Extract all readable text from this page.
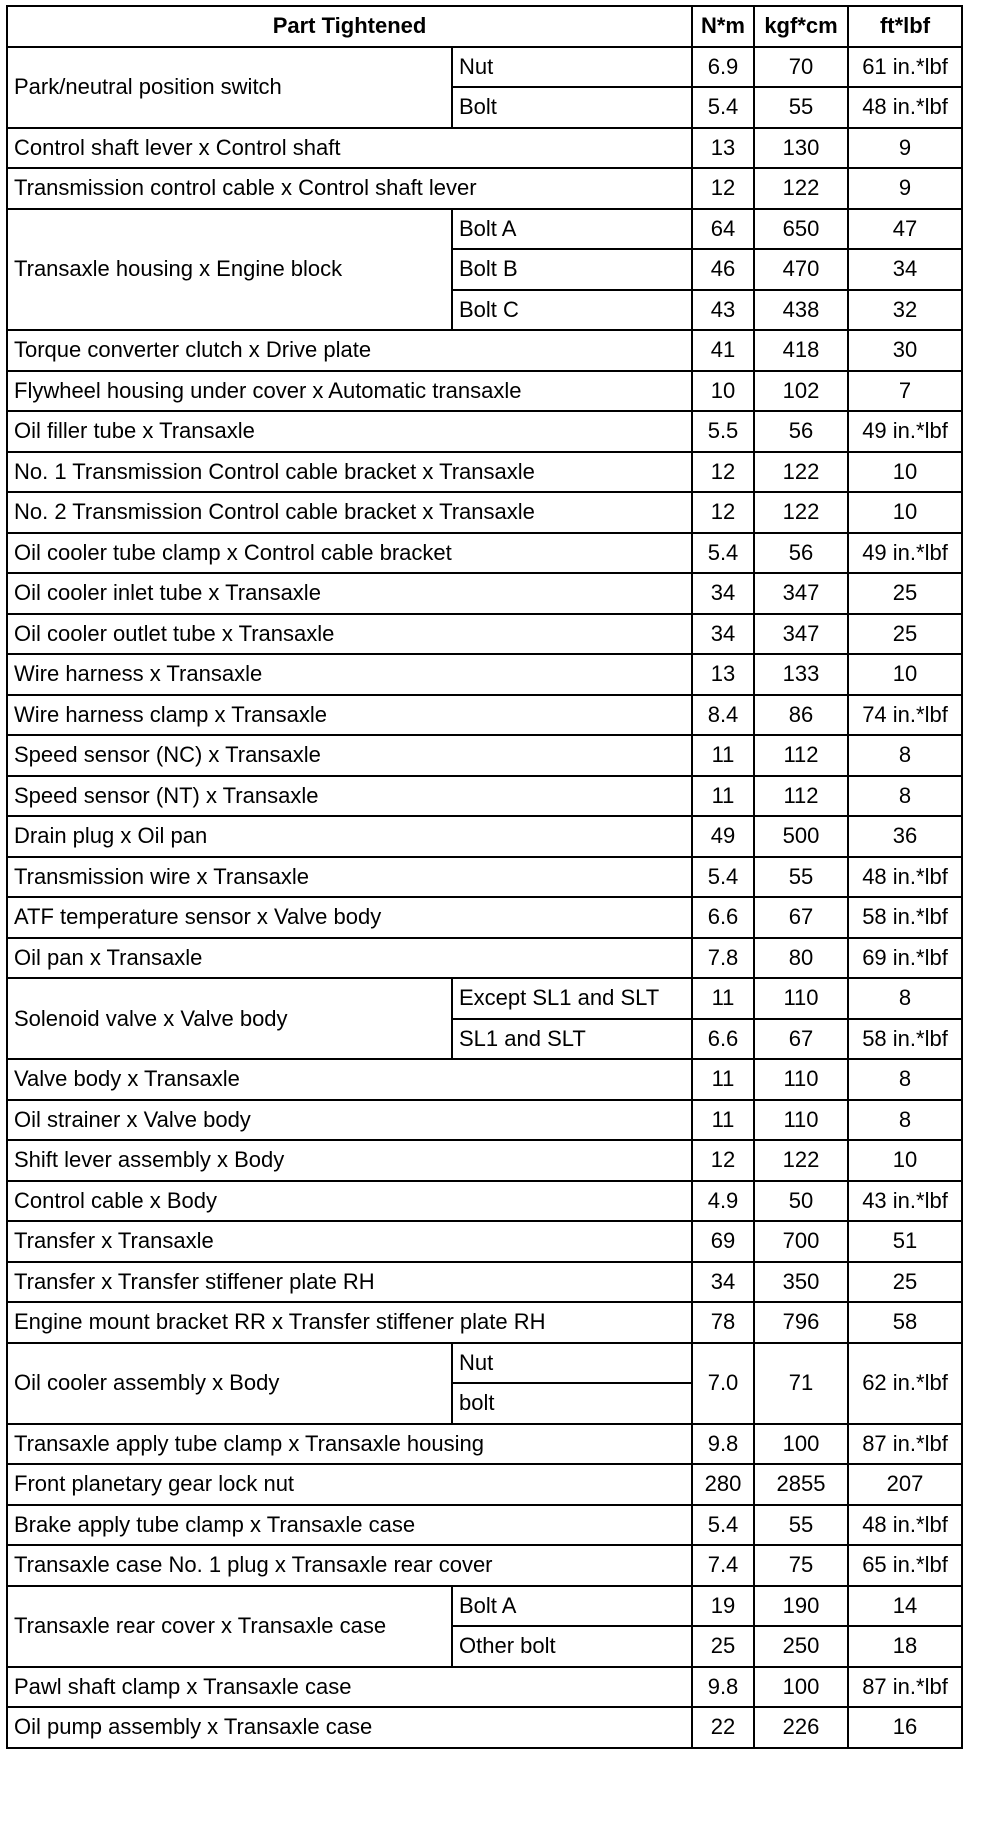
Part Tightened		N*m	kgf*cm	ft*lbf
Park/neutral position switch	Nut	6.9	70	61 in.*lbf
	Bolt	5.4	55	48 in.*lbf
Control shaft lever x Control shaft		13	130	9
Transmission control cable x Control shaft lever		12	122	9
Transaxle housing x Engine block	Bolt A	64	650	47
	Bolt B	46	470	34
	Bolt C	43	438	32
Torque converter clutch x Drive plate		41	418	30
Flywheel housing under cover x Automatic transaxle		10	102	7
Oil filler tube x Transaxle		5.5	56	49 in.*lbf
No. 1 Transmission Control cable bracket x Transaxle		12	122	10
No. 2 Transmission Control cable bracket x Transaxle		12	122	10
Oil cooler tube clamp x Control cable bracket		5.4	56	49 in.*lbf
Oil cooler inlet tube x Transaxle		34	347	25
Oil cooler outlet tube x Transaxle		34	347	25
Wire harness x Transaxle		13	133	10
Wire harness clamp x Transaxle		8.4	86	74 in.*lbf
Speed sensor (NC) x Transaxle		11	112	8
Speed sensor (NT) x Transaxle		11	112	8
Drain plug x Oil pan		49	500	36
Transmission wire x Transaxle		5.4	55	48 in.*lbf
ATF temperature sensor x Valve body		6.6	67	58 in.*lbf
Oil pan x Transaxle		7.8	80	69 in.*lbf
Solenoid valve x Valve body	Except SL1 and SLT	11	110	8
	SL1 and SLT	6.6	67	58 in.*lbf
Valve body x Transaxle		11	110	8
Oil strainer x Valve body		11	110	8
Shift lever assembly x Body		12	122	10
Control cable x Body		4.9	50	43 in.*lbf
Transfer x Transaxle		69	700	51
Transfer x Transfer stiffener plate RH		34	350	25
Engine mount bracket RR x Transfer stiffener plate RH		78	796	58
Oil cooler assembly x Body	Nut	7.0	71	62 in.*lbf
	bolt			
Transaxle apply tube clamp x Transaxle housing		9.8	100	87 in.*lbf
Front planetary gear lock nut		280	2855	207
Brake apply tube clamp x Transaxle case		5.4	55	48 in.*lbf
Transaxle case No. 1 plug x Transaxle rear cover		7.4	75	65 in.*lbf
Transaxle rear cover x Transaxle case	Bolt A	19	190	14
	Other bolt	25	250	18
Pawl shaft clamp x Transaxle case		9.8	100	87 in.*lbf
Oil pump assembly x Transaxle case		22	226	16
